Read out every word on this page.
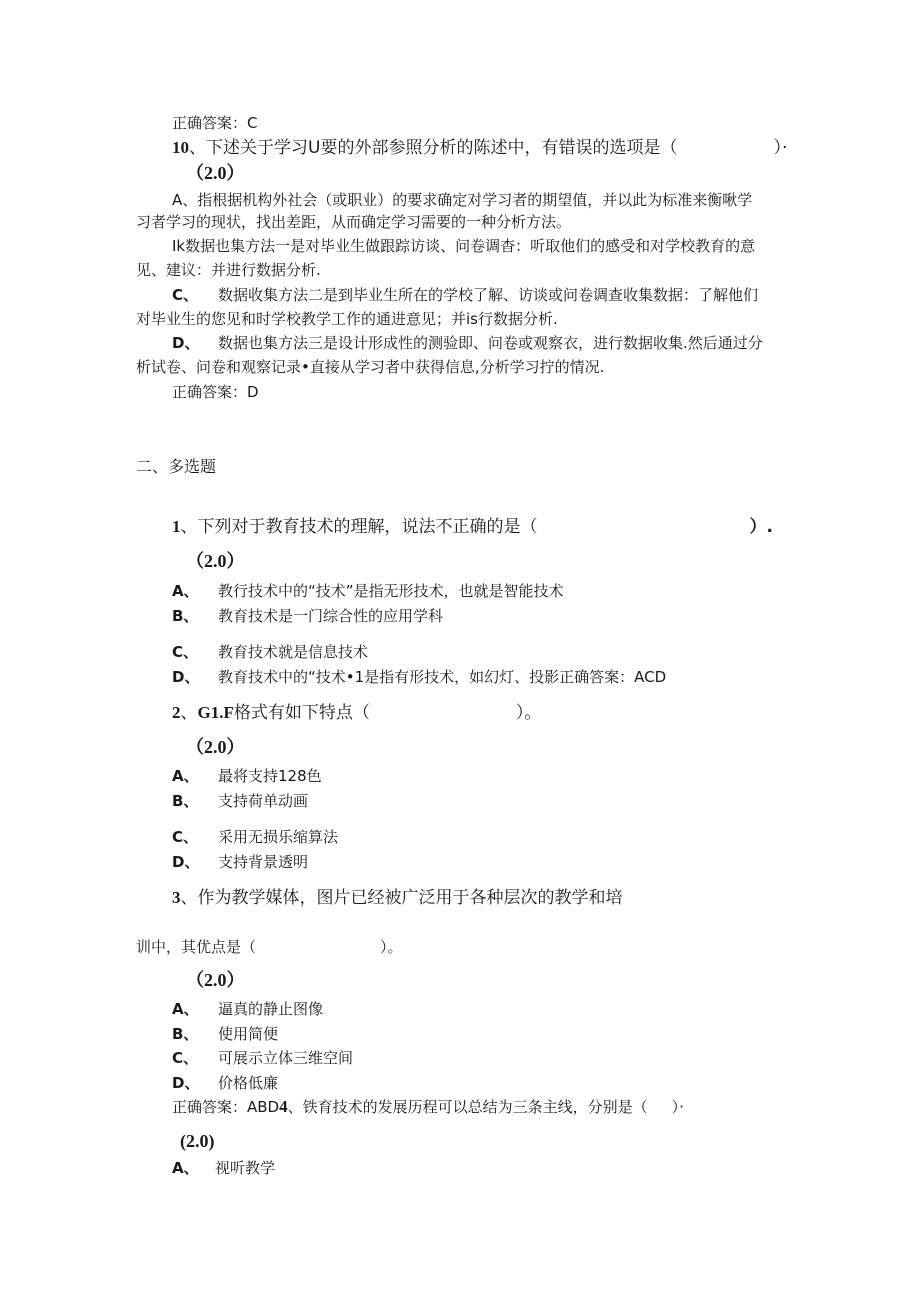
正确答案：C
10、下述关于学习U要的外部参照分析的陈述中，有错误的选项是（	）·
（2.0）
A、指根据机构外社会（或职业）的要求确定对学习者的期望值，并以此为标准来衡啾学
习者学习的现状，找出差距，从而确定学习需要的一种分析方法。
Ik数据也集方法一是对毕业生做跟踪访谈、问卷调杳：听取他们的感受和对学校教育的意
见、建议：并进行数据分析.
C、 数据收集方法二是到毕业生所在的学校了解、访谈或问卷调查收集数据：了解他们
对毕业生的您见和时学校教学工作的通进意见；并is行数据分析.
D、 数据也集方法三是设计形成性的测验即、问卷或观察衣，进行数据收集.然后通过分
析试卷、问卷和观察记录•直接从学习者中获得信息,分析学习拧的情况.
正确答案：D
二、多选题
1、下列对于教育技术的理解，说法不正确的是（	）.
（2.0）
A、 教行技术中的“技术”是指无形技术，也就是智能技术
B、 教育技术是一门综合性的应用学科
C、 教育技术就是信息技术
D、 教育技术中的“技术•1是指有形技术，如幻灯、投影正确答案：ACD
2、G1.F格式有如下特点（	）。
（2.0）
A、 最将支持128色
B、 支持荷单动画
C、 采用无损乐缩算法
D、 支持背景透明
3、作为教学媒体，图片已经被广泛用于各种层次的教学和培
训中，其优点是（	）。
（2.0）
A、 逼真的静止图像
B、 使用简便
C、 可展示立体三维空间
D、 价格低廉
正确答案：ABD4、铁育技术的发展历程可以总结为三条主线，分别是（ ）·
(2.0)
A、 视听教学
